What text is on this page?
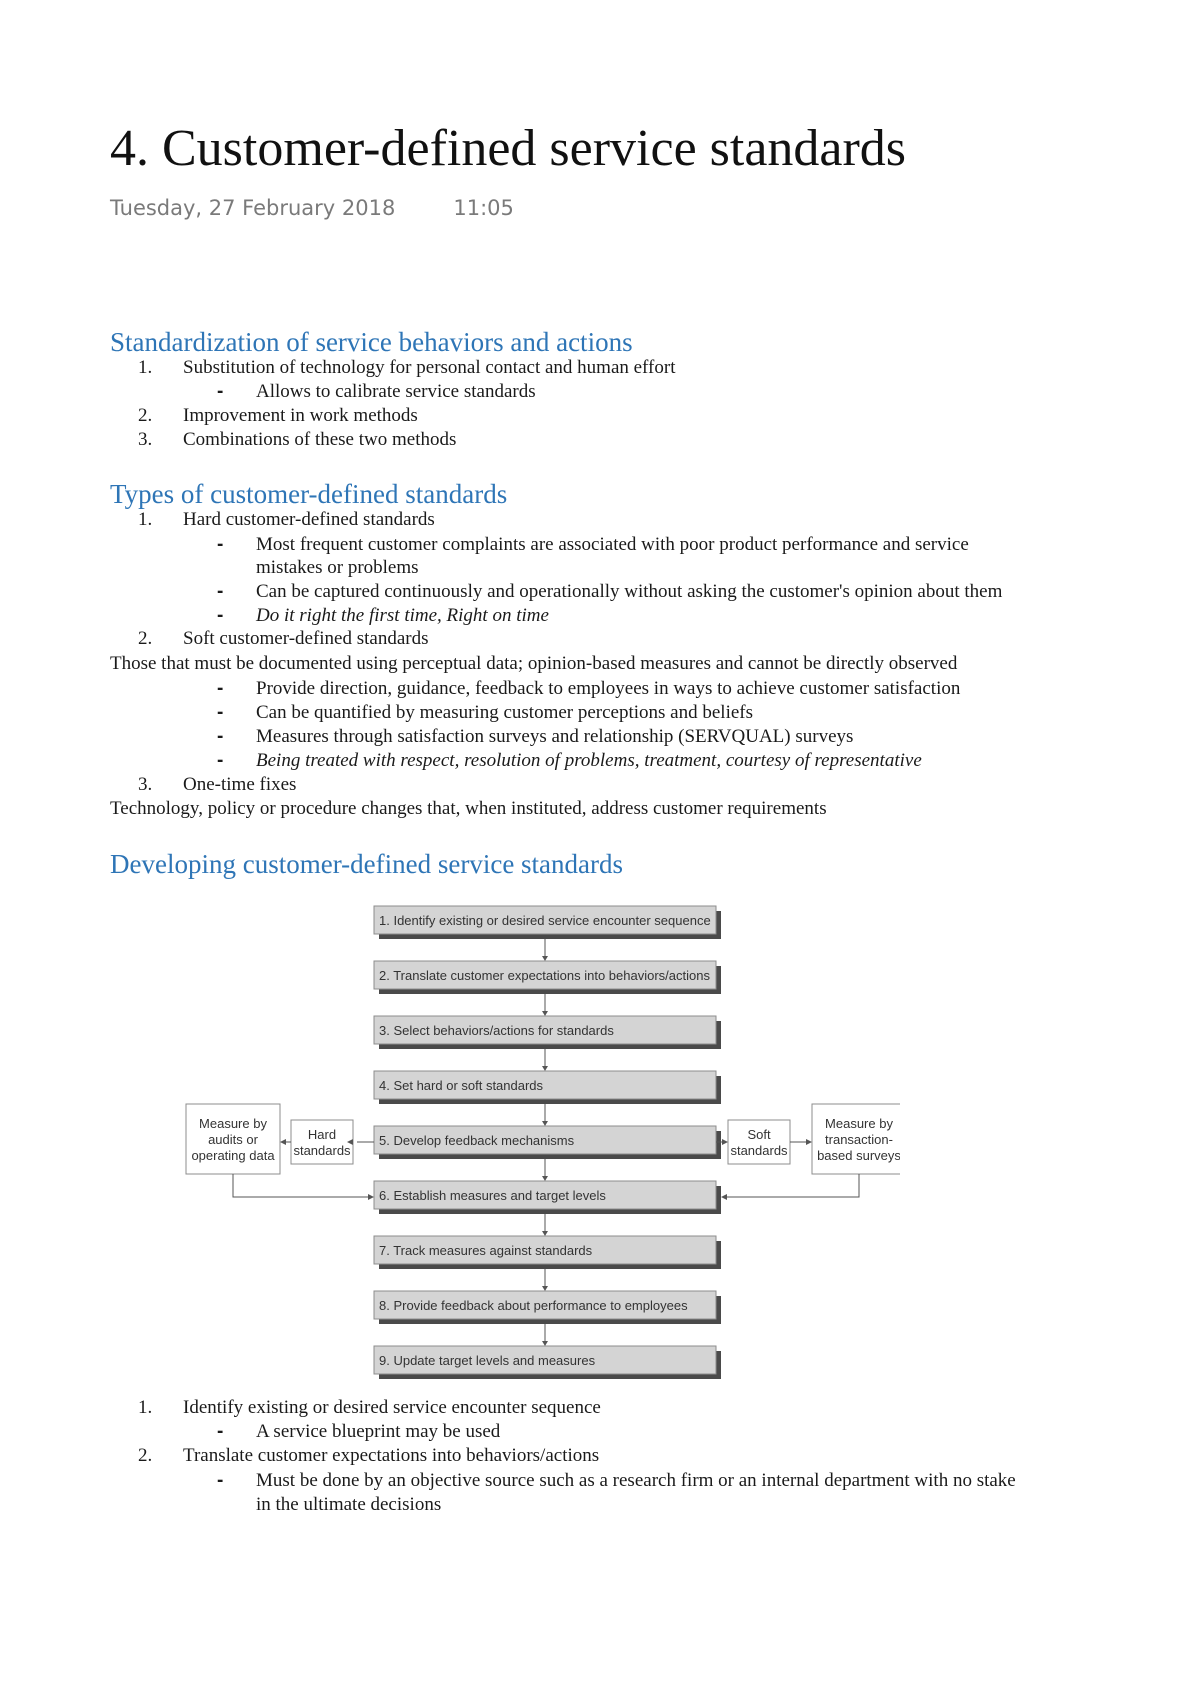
4. Customer-defined service standards
Tuesday, 27 February 2018	11:05
Standardization of service behaviors and actions
1.	Substitution of technology for personal contact and human effort
- Allows to calibrate service standards
2.	Improvement in work methods
3.	Combinations of these two methods
Types of customer-defined standards
1.	Hard customer-defined standards
- Most frequent customer complaints are associated with poor product performance and service
mistakes or problems
- Can be captured continuously and operationally without asking the customer's opinion about them
- Do it right the first time, Right on time
2.	Soft customer-defined standards
Those that must be documented using perceptual data; opinion-based measures and cannot be directly observed
- Provide direction, guidance, feedback to employees in ways to achieve customer satisfaction
- Can be quantified by measuring customer perceptions and beliefs
- Measures through satisfaction surveys and relationship (SERVQUAL) surveys
- Being treated with respect, resolution of problems, treatment, courtesy of representative
3.	One-time fixes
Technology, policy or procedure changes that, when instituted, address customer requirements
Developing customer-defined service standards
1. Identify existing or desired service encounter sequence
2. Translate customer expectations into behaviors/actions
3. Select behaviors/actions for standards
4. Set hard or soft standards
5. Develop feedback mechanisms
6. Establish measures and target levels
7. Track measures against standards
8. Provide feedback about performance to employees
9. Update target levels and measures
Hard
standards
Measure by
audits or
operating data
Soft
standards
Measure by
transaction-
based surveys
1.	Identify existing or desired service encounter sequence
- A service blueprint may be used
2.	Translate customer expectations into behaviors/actions
- Must be done by an objective source such as a research firm or an internal department with no stake
in the ultimate decisions
